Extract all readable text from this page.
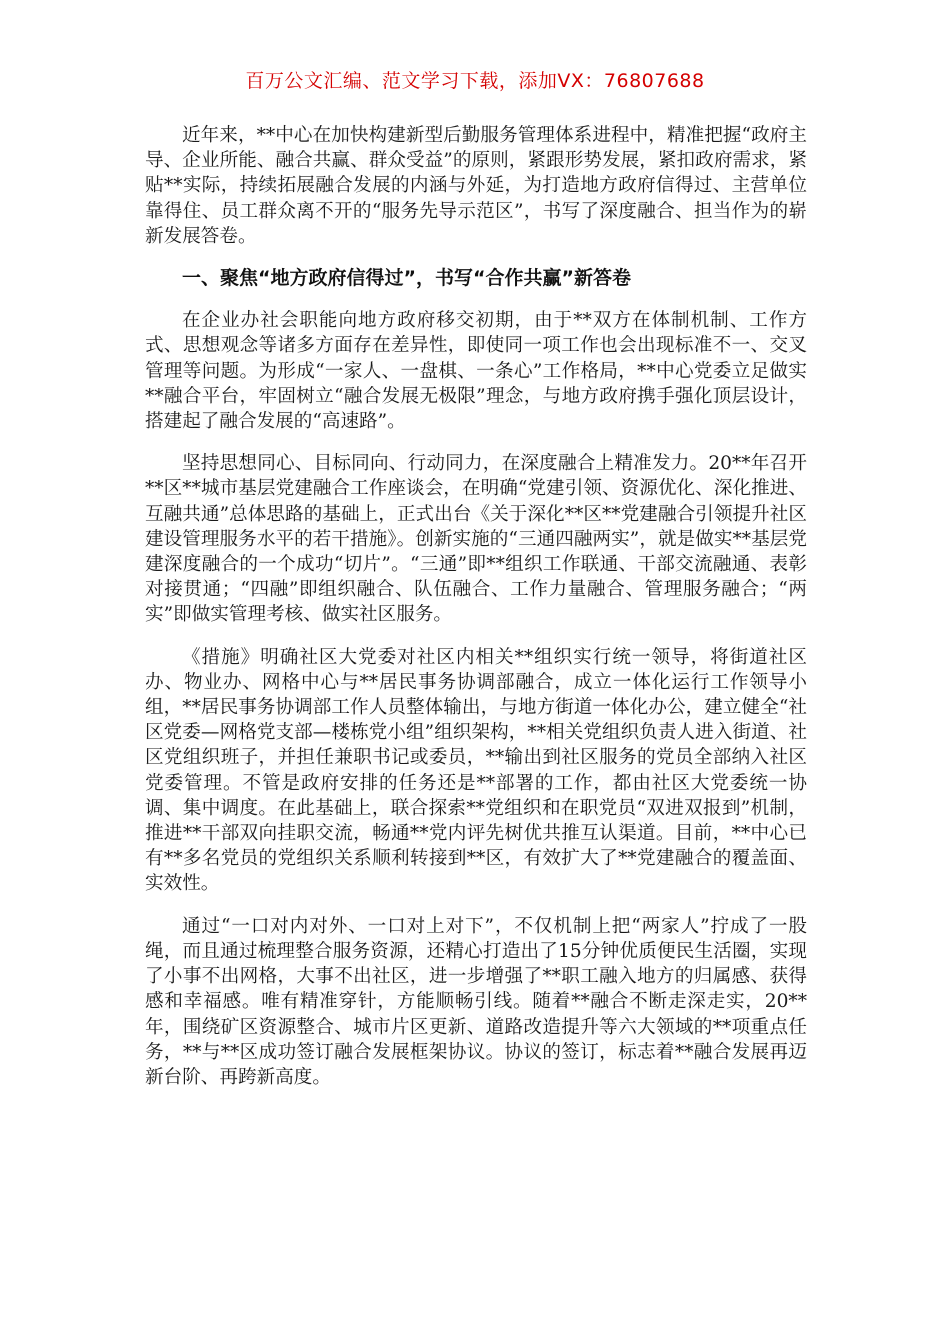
百万公文汇编、范文学习下载，添加VX：76807688

近年来，**中心在加快构建新型后勤服务管理体系进程中，精准把握“政府主导、企业所能、融合共赢、群众受益”的原则，紧跟形势发展，紧扣政府需求，紧贴**实际，持续拓展融合发展的内涵与外延，为打造地方政府信得过、主营单位靠得住、员工群众离不开的“服务先导示范区”，书写了深度融合、担当作为的崭新发展答卷。

一、聚焦“地方政府信得过”，书写“合作共赢”新答卷

在企业办社会职能向地方政府移交初期，由于**双方在体制机制、工作方式、思想观念等诸多方面存在差异性，即使同一项工作也会出现标准不一、交叉管理等问题。为形成“一家人、一盘棋、一条心”工作格局，**中心党委立足做实**融合平台，牢固树立“融合发展无极限”理念，与地方政府携手强化顶层设计，搭建起了融合发展的“高速路”。

坚持思想同心、目标同向、行动同力，在深度融合上精准发力。20**年召开**区**城市基层党建融合工作座谈会，在明确“党建引领、资源优化、深化推进、互融共通”总体思路的基础上，正式出台《关于深化**区**党建融合引领提升社区建设管理服务水平的若干措施》。创新实施的“三通四融两实”，就是做实**基层党建深度融合的一个成功“切片”。“三通”即**组织工作联通、干部交流融通、表彰对接贯通；“四融”即组织融合、队伍融合、工作力量融合、管理服务融合；“两实”即做实管理考核、做实社区服务。

《措施》明确社区大党委对社区内相关**组织实行统一领导，将街道社区办、物业办、网格中心与**居民事务协调部融合，成立一体化运行工作领导小组，**居民事务协调部工作人员整体输出，与地方街道一体化办公，建立健全“社区党委—网格党支部—楼栋党小组”组织架构，**相关党组织负责人进入街道、社区党组织班子，并担任兼职书记或委员，**输出到社区服务的党员全部纳入社区党委管理。不管是政府安排的任务还是**部署的工作，都由社区大党委统一协调、集中调度。在此基础上，联合探索**党组织和在职党员“双进双报到”机制，推进**干部双向挂职交流，畅通**党内评先树优共推互认渠道。目前，**中心已有**多名党员的党组织关系顺利转接到**区，有效扩大了**党建融合的覆盖面、实效性。

通过“一口对内对外、一口对上对下”，不仅机制上把“两家人”拧成了一股绳，而且通过梳理整合服务资源，还精心打造出了15分钟优质便民生活圈，实现了小事不出网格，大事不出社区，进一步增强了**职工融入地方的归属感、获得感和幸福感。唯有精准穿针，方能顺畅引线。随着**融合不断走深走实，20**年，围绕矿区资源整合、城市片区更新、道路改造提升等六大领域的**项重点任务，**与**区成功签订融合发展框架协议。协议的签订，标志着**融合发展再迈新台阶、再跨新高度。
